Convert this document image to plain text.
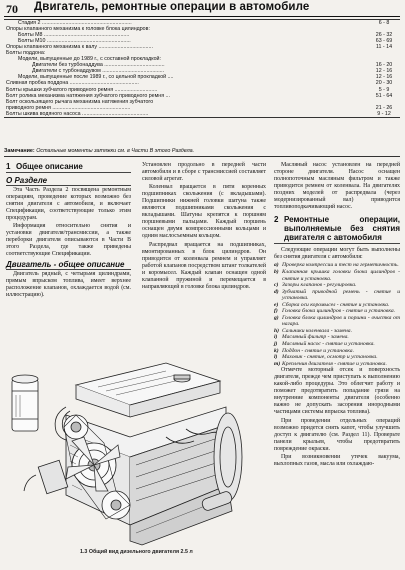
70 Двигатель, ремонтные операции в автомобиле
Стадия 2 .............................................................	6 - 8
Опоры клапанного механизма к головке блока цилиндров:
Болты М8 ..........................................................	26 - 32
Болты М10 .........................................................	63 - 69
Опоры клапанного механизма к валу .....................................	11 - 14
Болты поддона:
Модели, выпущенные до 1989 г., с составной прокладкой:
Двигатели без турбонаддува .........................................	16 - 20
Двигатели с турбонаддувом ..........................................	12 - 16
Модели, выпущенные после 1989 г., со цельной прокладкой ....	12 - 16
Сливная пробка поддона ...............................................	20 - 30
Болты крышки зубчатого приводного ремня .............................	5 - 9
Болт ролика механизма натяжения зубчатого приводного ремня ...	51 - 64
Болт оскользящего рычага механизма натяжения зубчатого
приводного ремня .....................................................	21 - 26
Болты шкива водяного насоса .............................................	9 - 12
Замечание: Остальные моменты затяжки см. в Части В этого Раздела.
1 Общее описание
О Разделе

Эта Часть Раздела 2 посвящена ремонтным операциям, проведение которых возможно без снятия двигателя с автомобиля, и включает Спецификации, соответствующие только этим процедурам.

Информация относительно снятия и установки двигателя/трансмиссии, а также переборки двигателя описываются в Части В этого Раздела, где также приведены соответствующие Спецификации.

Двигатель - общее описание

Двигатель рядный, с четырьмя цилиндрами, прямым впрыском топлива, имеет верхнее расположение клапанов, охлаждается водой (см. иллюстрацию).

Установлен продольно в передней части автомобиля и в сборе с трансмиссией составляет силовой агрегат.

Коленвал вращается в пяти коренных подшипниках скольжения (с вкладышами). Подшипники нижней головки шатуна также являются подшипниками скольжения с вкладышами. Шатуны крепятся к поршням поршневыми пальцами. Каждый поршень оснащен двумя компрессионными кольцами и одним маслосъемным кольцом.

Распредвал вращается на подшипниках, вмонтированных в блок цилиндров. Он приводится от коленвала ремнем и управляет работой клапанов посредством штанг толкателей и коромысел. Каждый клапан оснащен одной клапанной пружиной и перемещается в направляющей в головке блока цилиндров.

Масляный насос установлен на передней стороне двигателя. Насос оснащен полнопоточным масляным фильтром и также приводится ремнем от коленвала. На двигателях поздних моделей от распредвала (через модернизированный вал) приводится топливоподкачивающий насос.

2 Ремонтные операции, выполняемые без снятия двигателя с автомобиля

Следующие операции могут быть выполнены без снятия двигателя с автомобиля:

а) Проверка компрессии и тест на герметичность.
b) Клапанная крышка головки блока цилиндров - снятие и установка.
c) Зазоры клапанов - регулировка.
d) Зубчатый приводной ремень - снятие и установка.
e) Сборка оси коромысел - снятие и установка.
f) Головка блока цилиндров - снятие и установка.
g) Головка блока цилиндров и поршни - очистка от нагара.
h) Сальники коленвала - замена.
i) Масляный фильтр - замена.
j) Масляный насос - снятие и установка.
k) Поддон - снятие и установка.
l) Маховик - снятие, осмотр и установка.
m) Крепления двигателя - снятие и установка.

Отмечте моторный отсек и поверхность двигателя, прежде чем приступать к выполнению какой-либо процедуры. Это облегчит работу и поможет предотвратить попадание грязи на внутренние компоненты двигателя (особенно важно не допускать засорения инородными частицами системы впрыска топлива).

При проведении отдельных операций возможно придется снять капот, чтобы улучшить доступ к двигателю (см. Раздел 11). Проверьте панели крыльев, чтобы предотвратить повреждение окраски.

При возникновении утечек вакуума, выхлопных газов, масла или охлаждаю-

1.3 Общий вид дизельного двигателя 2.5 л
